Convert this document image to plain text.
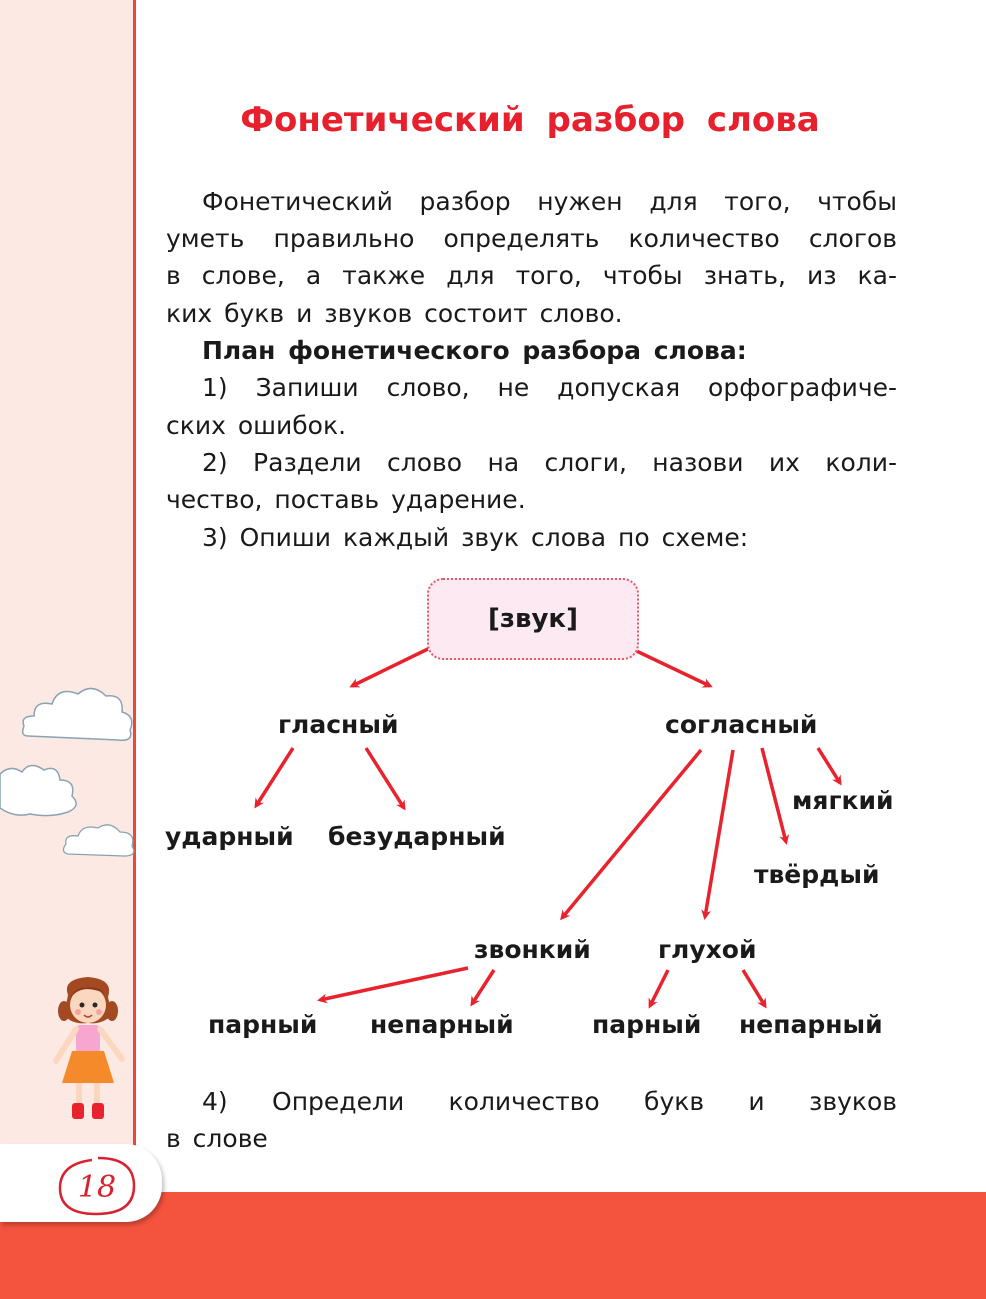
Фонетический разбор слова
Фонетический разбор нужен для того, чтобы
уметь правильно определять количество слогов
в слове, а также для того, чтобы знать, из ка-
ких букв и звуков состоит слово.
План фонетического разбора слова:
1) Запиши слово, не допуская орфографиче-
ских ошибок.
2) Раздели слово на слоги, назови их коли-
чество, поставь ударение.
3) Опиши каждый звук слова по схеме:
[звук]
гласный	согласный
ударный безударный
мягкий
твёрдый
звонкий	глухой
парный непарный	парный непарный
4) Определи количество букв и звуков
в слове
18
